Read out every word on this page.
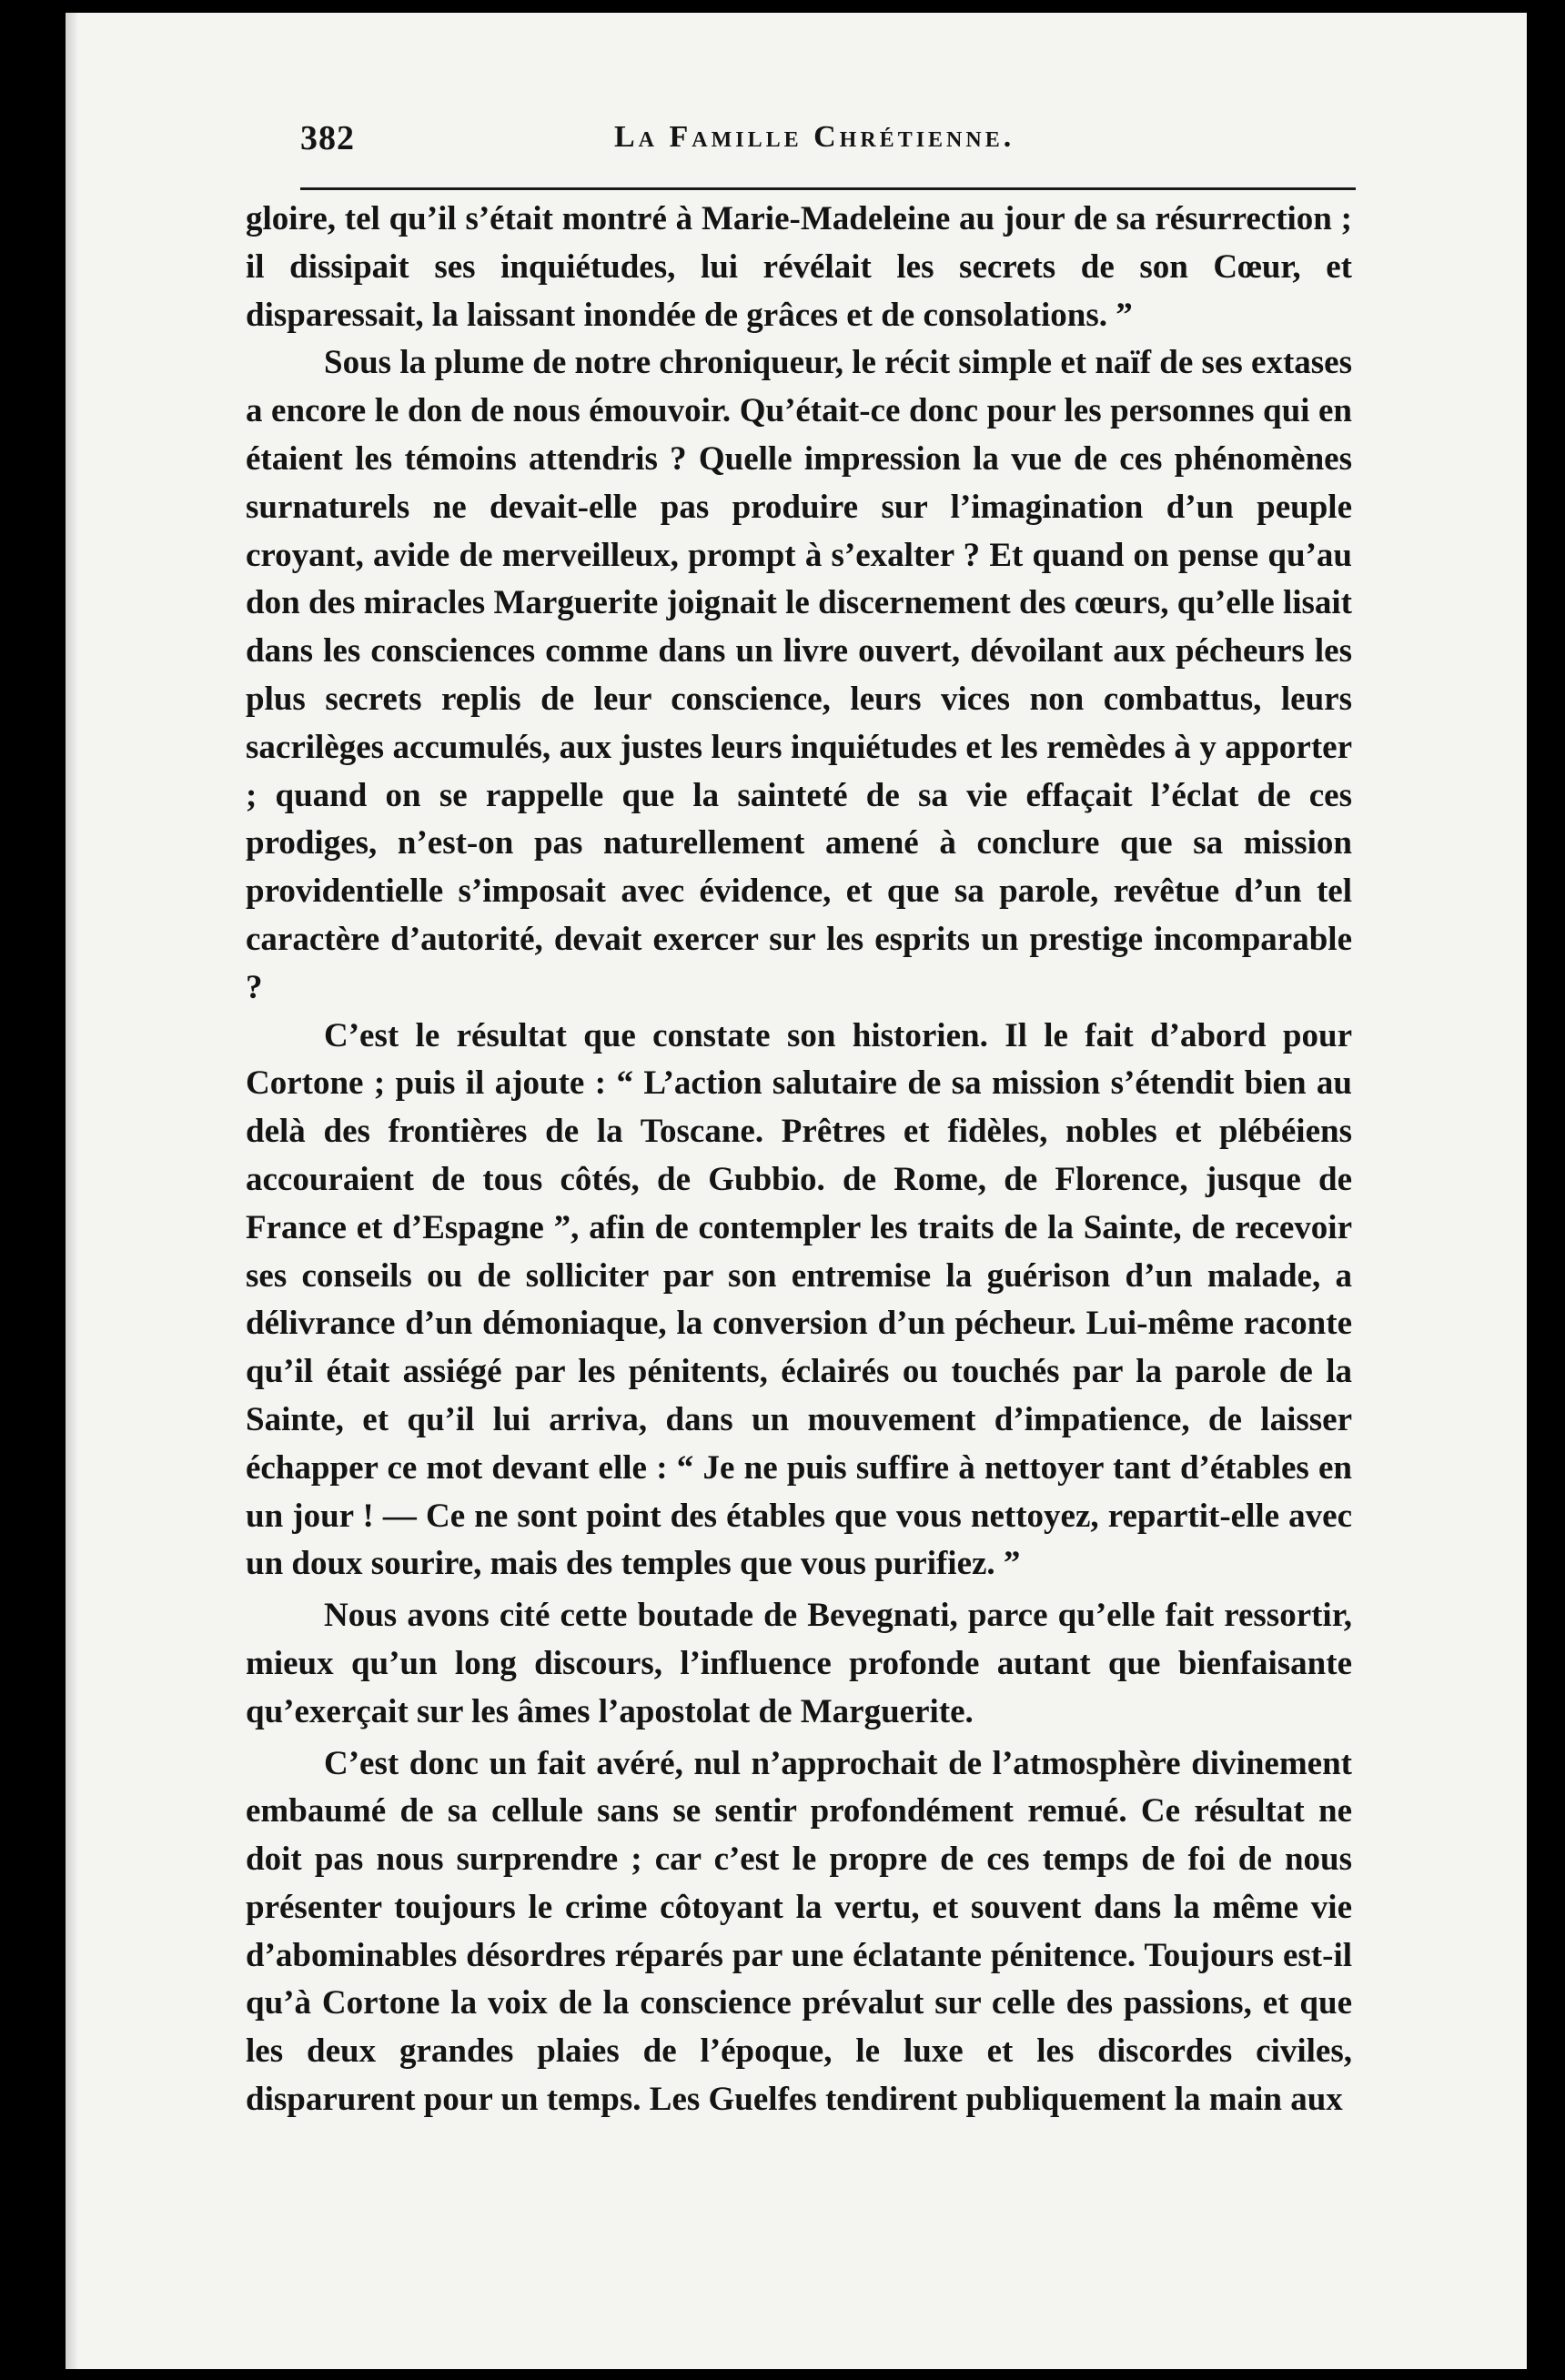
382	La Famille Chrétienne.

gloire, tel qu’il s’était montré à Marie-Madeleine au jour de sa résurrection ; il dissipait ses inquiétudes, lui révélait les secrets de son Cœur, et disparessait, la laissant inondée de grâces et de consolations. ”

Sous la plume de notre chroniqueur, le récit simple et naïf de ses extases a encore le don de nous émouvoir. Qu’était-ce donc pour les personnes qui en étaient les témoins attendris ? Quelle impression la vue de ces phénomènes surnaturels ne devait-elle pas produire sur l’imagination d’un peuple croyant, avide de merveilleux, prompt à s’exalter ? Et quand on pense qu’au don des miracles Marguerite joignait le discernement des cœurs, qu’elle lisait dans les consciences comme dans un livre ouvert, dévoilant aux pécheurs les plus secrets replis de leur conscience, leurs vices non combattus, leurs sacrilèges accumulés, aux justes leurs inquiétudes et les remèdes à y apporter ; quand on se rappelle que la sainteté de sa vie effaçait l’éclat de ces prodiges, n’est-on pas naturellement amené à conclure que sa mission providentielle s’imposait avec évidence, et que sa parole, revêtue d’un tel caractère d’autorité, devait exercer sur les esprits un prestige incomparable ?

C’est le résultat que constate son historien. Il le fait d’abord pour Cortone ; puis il ajoute : “ L’action salutaire de sa mission s’étendit bien au delà des frontières de la Toscane. Prêtres et fidèles, nobles et plébéiens accouraient de tous côtés, de Gubbio. de Rome, de Florence, jusque de France et d’Espagne ”, afin de contempler les traits de la Sainte, de recevoir ses conseils ou de solliciter par son entremise la guérison d’un malade, a délivrance d’un démoniaque, la conversion d’un pécheur. Lui-même raconte qu’il était assiégé par les pénitents, éclairés ou touchés par la parole de la Sainte, et qu’il lui arriva, dans un mouvement d’impatience, de laisser échapper ce mot devant elle : “ Je ne puis suffire à nettoyer tant d’étables en un jour ! — Ce ne sont point des étables que vous nettoyez, repartit-elle avec un doux sourire, mais des temples que vous purifiez. ”

Nous avons cité cette boutade de Bevegnati, parce qu’elle fait ressortir, mieux qu’un long discours, l’influence profonde autant que bienfaisante qu’exerçait sur les âmes l’apostolat de Marguerite.

C’est donc un fait avéré, nul n’approchait de l’atmosphère divinement embaumé de sa cellule sans se sentir profondément remué. Ce résultat ne doit pas nous surprendre ; car c’est le propre de ces temps de foi de nous présenter toujours le crime côtoyant la vertu, et souvent dans la même vie d’abominables désordres réparés par une éclatante pénitence. Toujours est-il qu’à Cortone la voix de la conscience prévalut sur celle des passions, et que les deux grandes plaies de l’époque, le luxe et les discordes civiles, disparurent pour un temps. Les Guelfes tendirent publiquement la main aux
